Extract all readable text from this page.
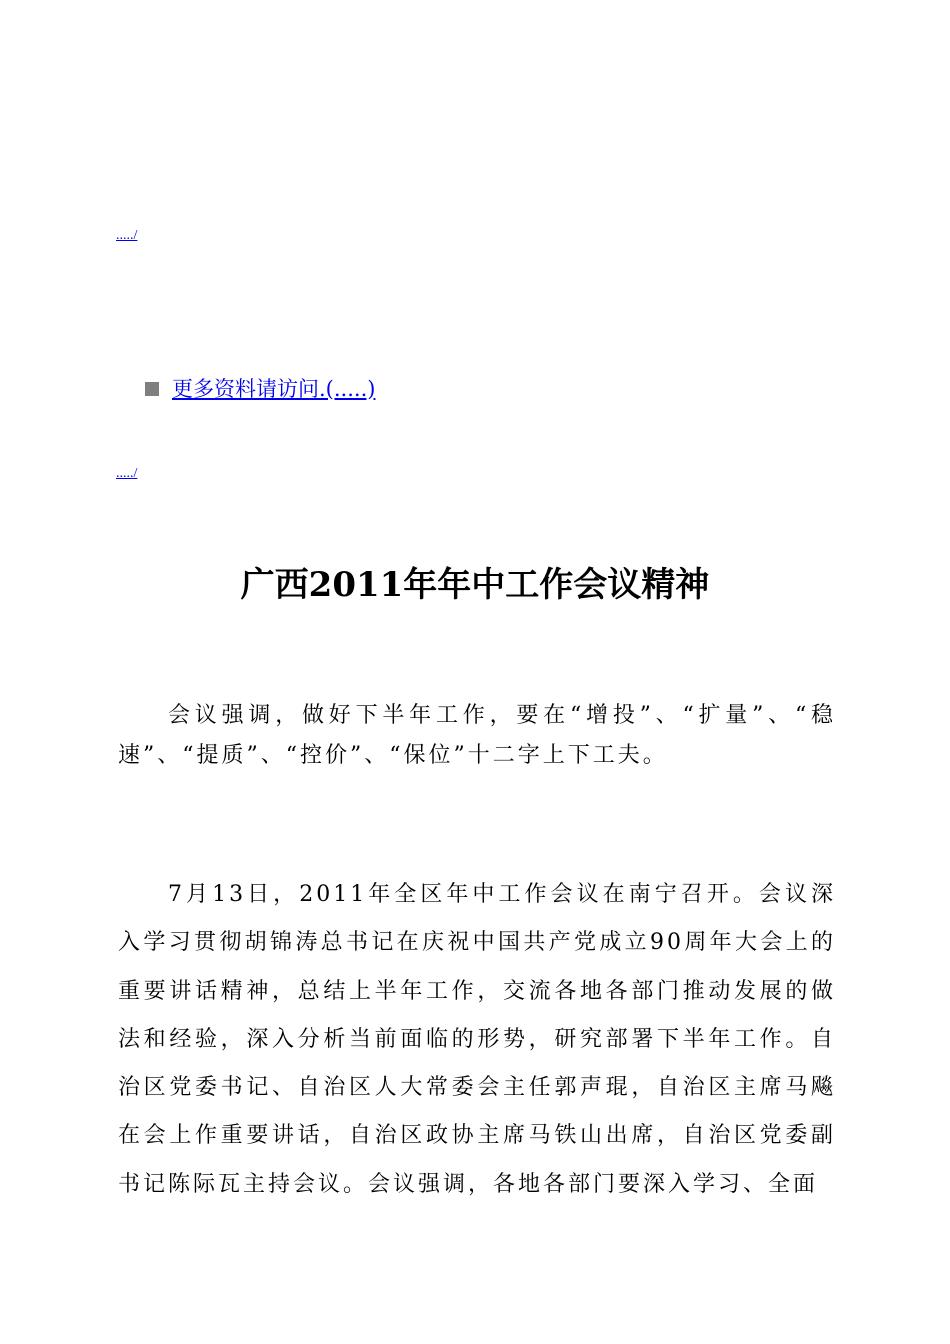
...../
更多资料请访问.(.....)
...../
广西2011年年中工作会议精神

会议强调，做好下半年工作，要在“增投”、“扩量”、“稳速”、“提质”、“控价”、“保位”十二字上下工夫。

7月13日，2011年全区年中工作会议在南宁召开。会议深入学习贯彻胡锦涛总书记在庆祝中国共产党成立90周年大会上的重要讲话精神，总结上半年工作，交流各地各部门推动发展的做法和经验，深入分析当前面临的形势，研究部署下半年工作。自治区党委书记、自治区人大常委会主任郭声琨，自治区主席马飚在会上作重要讲话，自治区政协主席马铁山出席，自治区党委副书记陈际瓦主持会议。会议强调，各地各部门要深入学习、全面
